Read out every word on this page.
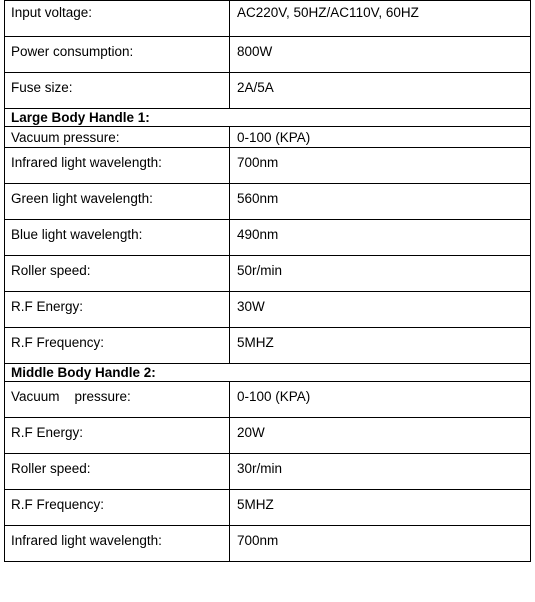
Input voltage:	AC220V, 50HZ/AC110V, 60HZ
Power consumption:	800W
Fuse size:	2A/5A
Large Body Handle 1:	
Vacuum pressure:	0-100 (KPA)
Infrared light wavelength:	700nm
Green light wavelength:	560nm
Blue light wavelength:	490nm
Roller speed:	50r/min
R.F Energy:	30W
R.F Frequency:	5MHZ
Middle Body Handle 2:	
Vacuum    pressure:	0-100 (KPA)
R.F Energy:	20W
Roller speed:	30r/min
R.F Frequency:	5MHZ
Infrared light wavelength:	700nm
